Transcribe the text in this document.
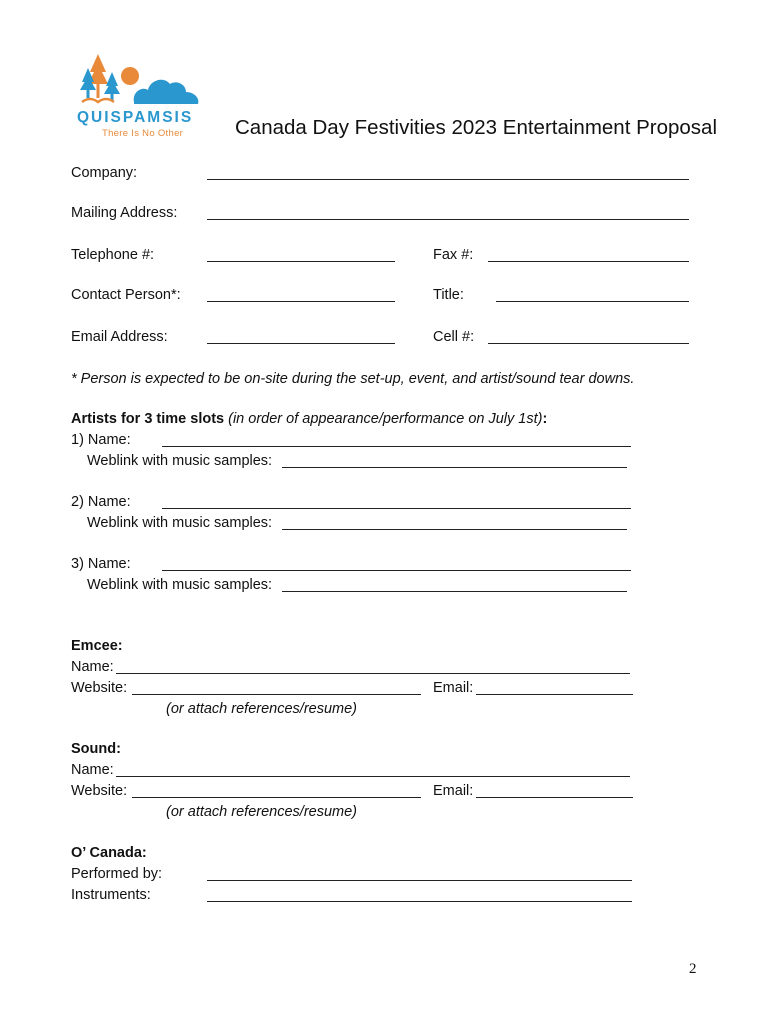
QUISPAMSIS
There Is No Other	Canada Day Festivities 2023 Entertainment Proposal
Company:
Mailing Address:
Telephone #:	Fax #:
Contact Person*:	Title:
Email Address:	Cell #:
* Person is expected to be on-site during the set-up, event, and artist/sound tear downs.
Artists for 3 time slots (in order of appearance/performance on July 1st):
1) Name:
Weblink with music samples:
2) Name:
Weblink with music samples:
3) Name:
Weblink with music samples:
Emcee:
Name:
Website:	Email:
(or attach references/resume)
Sound:
Name:
Website:	Email:
(or attach references/resume)
O’ Canada:
Performed by:
Instruments:
2
